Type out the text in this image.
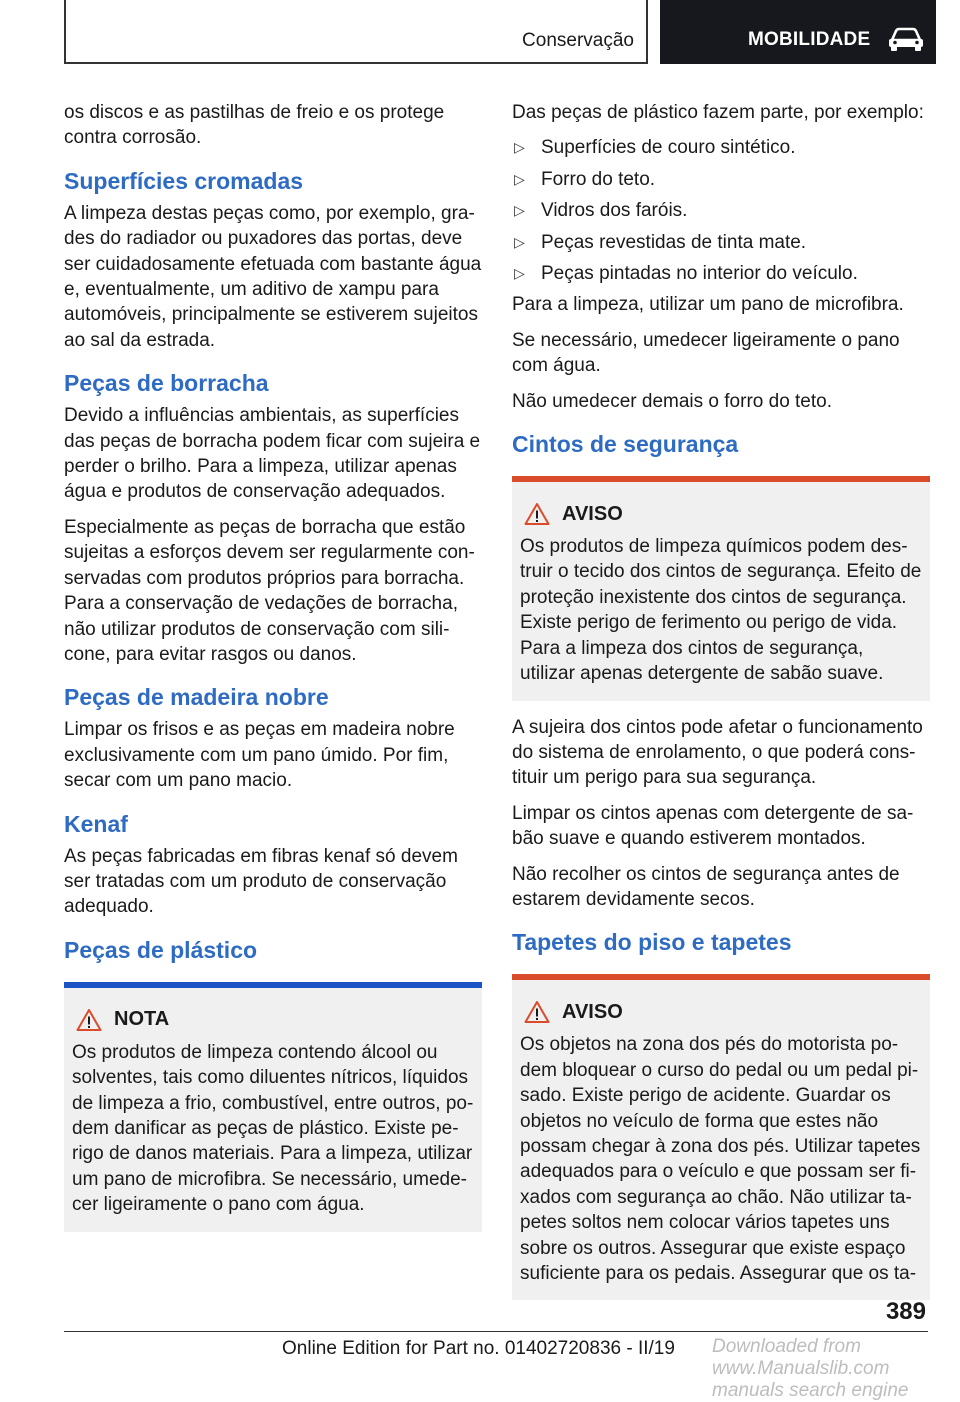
Conservação	MOBILIDADE

os discos e as pastilhas de freio e os protege contra corrosão.

Superfícies cromadas

A limpeza destas peças como, por exemplo, grades do radiador ou puxadores das portas, deve ser cuidadosamente efetuada com bastante água e, eventualmente, um aditivo de xampu para automóveis, principalmente se estiverem sujeitos ao sal da estrada.

Peças de borracha

Devido a influências ambientais, as superfícies das peças de borracha podem ficar com sujeira e perder o brilho. Para a limpeza, utilizar apenas água e produtos de conservação adequados.

Especialmente as peças de borracha que estão sujeitas a esforços devem ser regularmente conservadas com produtos próprios para borracha. Para a conservação de vedações de borracha, não utilizar produtos de conservação com silicone, para evitar rasgos ou danos.

Peças de madeira nobre

Limpar os frisos e as peças em madeira nobre exclusivamente com um pano úmido. Por fim, secar com um pano macio.

Kenaf

As peças fabricadas em fibras kenaf só devem ser tratadas com um produto de conservação adequado.

Peças de plástico
NOTA

Os produtos de limpeza contendo álcool ou solventes, tais como diluentes nítricos, líquidos de limpeza a frio, combustível, entre outros, podem danificar as peças de plástico. Existe perigo de danos materiais. Para a limpeza, utilizar um pano de microfibra. Se necessário, umedecer ligeiramente o pano com água.

Das peças de plástico fazem parte, por exemplo:

▷ Superfícies de couro sintético.
▷ Forro do teto.
▷ Vidros dos faróis.
▷ Peças revestidas de tinta mate.
▷ Peças pintadas no interior do veículo.

Para a limpeza, utilizar um pano de microfibra.

Se necessário, umedecer ligeiramente o pano com água.

Não umedecer demais o forro do teto.

Cintos de segurança
AVISO

Os produtos de limpeza químicos podem destruir o tecido dos cintos de segurança. Efeito de proteção inexistente dos cintos de segurança. Existe perigo de ferimento ou perigo de vida. Para a limpeza dos cintos de segurança, utilizar apenas detergente de sabão suave.

A sujeira dos cintos pode afetar o funcionamento do sistema de enrolamento, o que poderá constituir um perigo para sua segurança.

Limpar os cintos apenas com detergente de sabão suave e quando estiverem montados.

Não recolher os cintos de segurança antes de estarem devidamente secos.

Tapetes do piso e tapetes
AVISO

Os objetos na zona dos pés do motorista podem bloquear o curso do pedal ou um pedal pisado. Existe perigo de acidente. Guardar os objetos no veículo de forma que estes não possam chegar à zona dos pés. Utilizar tapetes adequados para o veículo e que possam ser fixados com segurança ao chão. Não utilizar tapetes soltos nem colocar vários tapetes uns sobre os outros. Assegurar que existe espaço suficiente para os pedais. Assegurar que os ta-

389
Online Edition for Part no. 01402720836 - II/19 Downloaded from www.Manualslib.com manuals search engine
